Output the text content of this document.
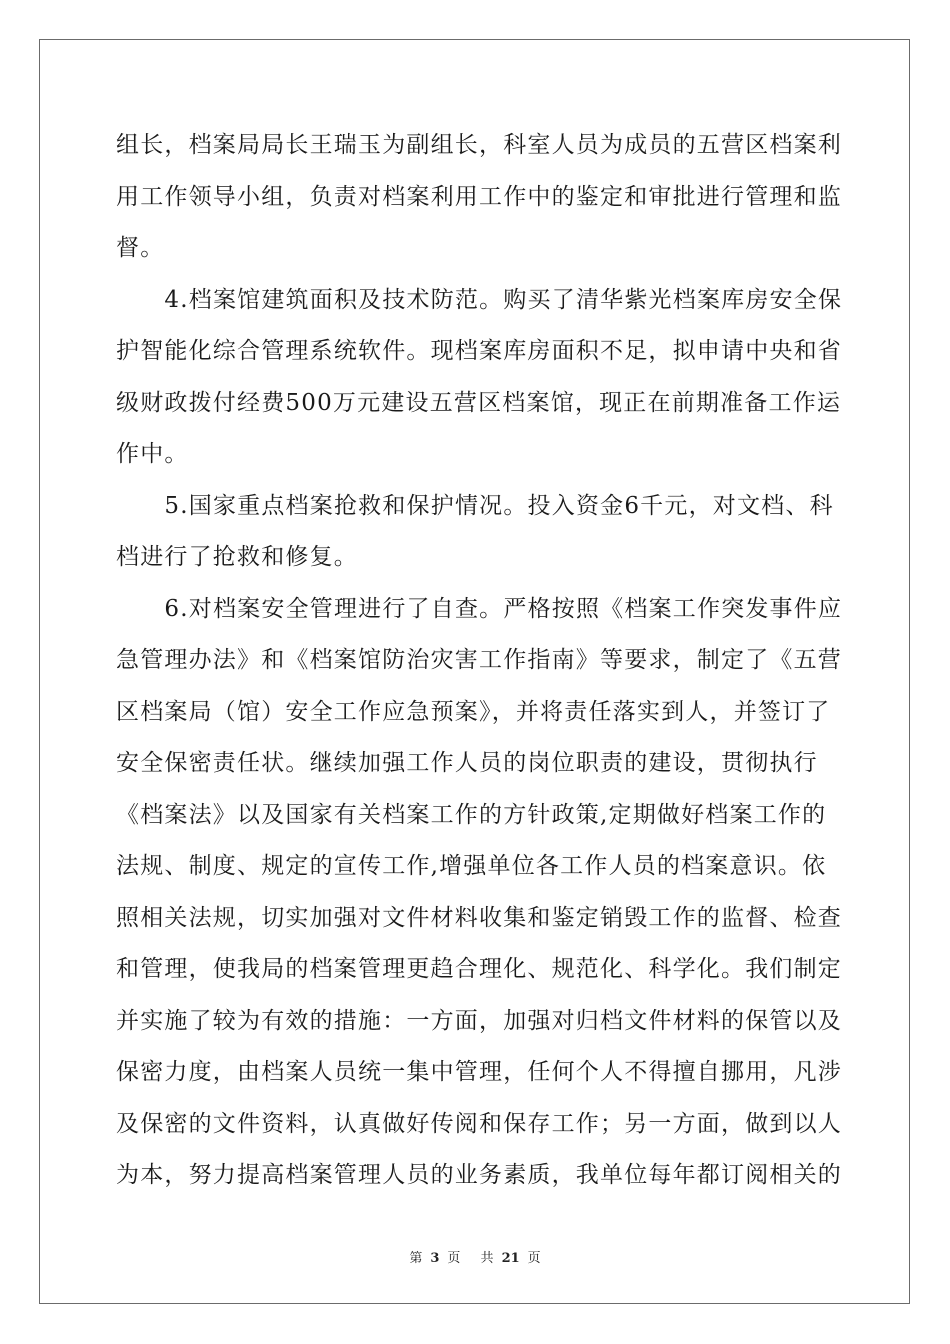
组长，档案局局长王瑞玉为副组长，科室人员为成员的五营区档案利
用工作领导小组，负责对档案利用工作中的鉴定和审批进行管理和监
督。
　　4.档案馆建筑面积及技术防范。购买了清华紫光档案库房安全保
护智能化综合管理系统软件。现档案库房面积不足，拟申请中央和省
级财政拨付经费500万元建设五营区档案馆，现正在前期准备工作运
作中。
　　5.国家重点档案抢救和保护情况。投入资金6千元，对文档、科
档进行了抢救和修复。
　　6.对档案安全管理进行了自查。严格按照《档案工作突发事件应
急管理办法》和《档案馆防治灾害工作指南》等要求，制定了《五营
区档案局（馆）安全工作应急预案》，并将责任落实到人，并签订了
安全保密责任状。继续加强工作人员的岗位职责的建设，贯彻执行
《档案法》以及国家有关档案工作的方针政策,定期做好档案工作的
法规、制度、规定的宣传工作,增强单位各工作人员的档案意识。依
照相关法规，切实加强对文件材料收集和鉴定销毁工作的监督、检查
和管理，使我局的档案管理更趋合理化、规范化、科学化。我们制定
并实施了较为有效的措施：一方面，加强对归档文件材料的保管以及
保密力度，由档案人员统一集中管理，任何个人不得擅自挪用，凡涉
及保密的文件资料，认真做好传阅和保存工作；另一方面，做到以人
为本，努力提高档案管理人员的业务素质，我单位每年都订阅相关的
第 3 页 共 21 页
